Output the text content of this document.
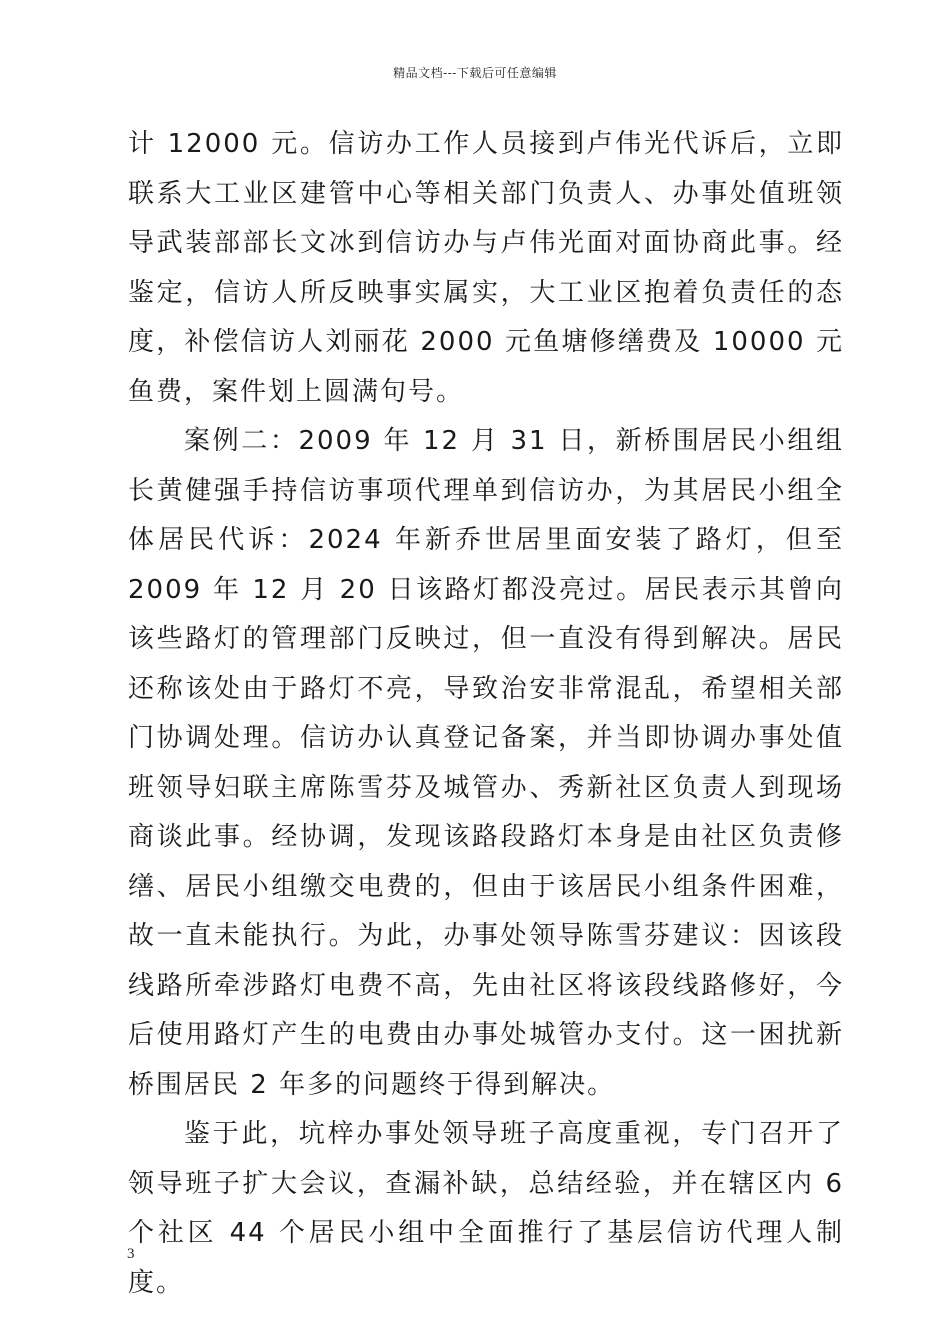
精品文档---下载后可任意编辑

计 12000 元。信访办工作人员接到卢伟光代诉后，立即联系大工业区建管中心等相关部门负责人、办事处值班领导武装部部长文冰到信访办与卢伟光面对面协商此事。经鉴定，信访人所反映事实属实，大工业区抱着负责任的态度，补偿信访人刘丽花 2000 元鱼塘修缮费及 10000 元鱼费，案件划上圆满句号。

案例二：2009 年 12 月 31 日，新桥围居民小组组长黄健强手持信访事项代理单到信访办，为其居民小组全体居民代诉：2024 年新乔世居里面安装了路灯，但至 2009 年 12 月 20 日该路灯都没亮过。居民表示其曾向该些路灯的管理部门反映过，但一直没有得到解决。居民还称该处由于路灯不亮，导致治安非常混乱，希望相关部门协调处理。信访办认真登记备案，并当即协调办事处值班领导妇联主席陈雪芬及城管办、秀新社区负责人到现场商谈此事。经协调，发现该路段路灯本身是由社区负责修缮、居民小组缴交电费的，但由于该居民小组条件困难，故一直未能执行。为此，办事处领导陈雪芬建议：因该段线路所牵涉路灯电费不高，先由社区将该段线路修好，今后使用路灯产生的电费由办事处城管办支付。这一困扰新桥围居民 2 年多的问题终于得到解决。

鉴于此，坑梓办事处领导班子高度重视，专门召开了领导班子扩大会议，查漏补缺，总结经验，并在辖区内 6 个社区 44 个居民小组中全面推行了基层信访代理人制度。

3
